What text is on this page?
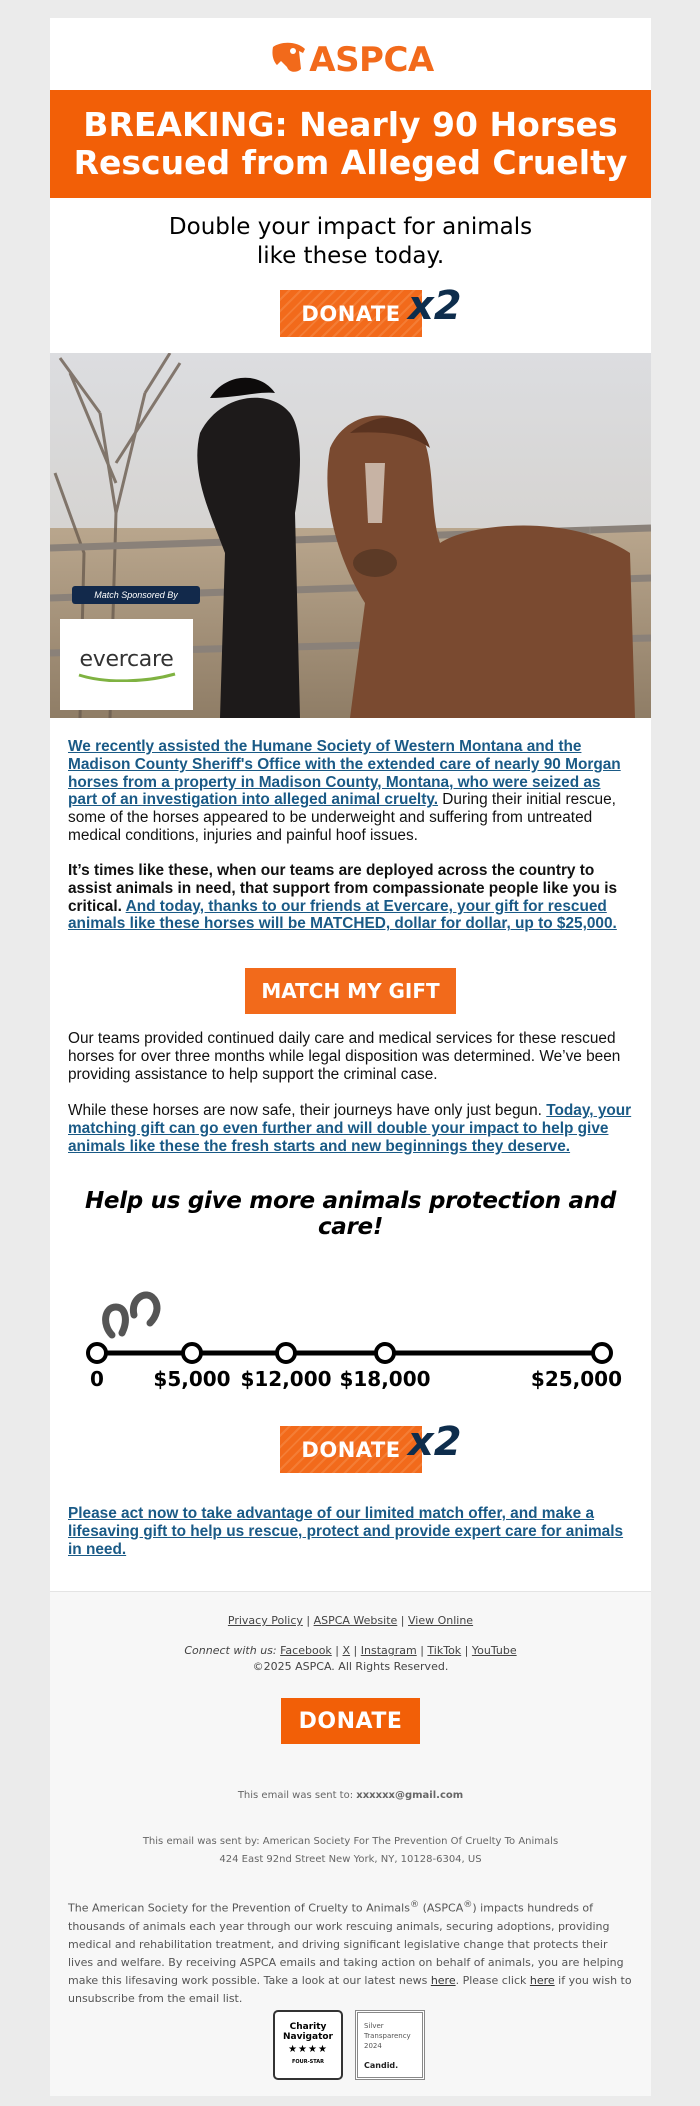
ASPCA
BREAKING: Nearly 90 Horses
Rescued from Alleged Cruelty
Double your impact for animals
like these today.
DONATE x2
Match Sponsored By
evercare
We recently assisted the Humane Society of Western Montana and the Madison County Sheriff's Office with the extended care of nearly 90 Morgan horses from a property in Madison County, Montana, who were seized as part of an investigation into alleged animal cruelty. During their initial rescue, some of the horses appeared to be underweight and suffering from untreated medical conditions, injuries and painful hoof issues.
It’s times like these, when our teams are deployed across the country to assist animals in need, that support from compassionate people like you is critical. And today, thanks to our friends at Evercare, your gift for rescued animals like these horses will be MATCHED, dollar for dollar, up to $25,000.
MATCH MY GIFT
Our teams provided continued daily care and medical services for these rescued horses for over three months while legal disposition was determined. We’ve been providing assistance to help support the criminal case.
While these horses are now safe, their journeys have only just begun. Today, your matching gift can go even further and will double your impact to help give animals like these the fresh starts and new beginnings they deserve.
Help us give more animals protection and care!
0 $5,000 $12,000 $18,000	$25,000
DONATE x2
Please act now to take advantage of our limited match offer, and make a lifesaving gift to help us rescue, protect and provide expert care for animals in need.
Privacy Policy | ASPCA Website | View Online
Connect with us: Facebook | X | Instagram | TikTok | YouTube
©2025 ASPCA. All Rights Reserved.
DONATE
This email was sent to: xxxxxx@gmail.com
This email was sent by: American Society For The Prevention Of Cruelty To Animals
424 East 92nd Street New York, NY, 10128-6304, US
The American Society for the Prevention of Cruelty to Animals® (ASPCA®) impacts hundreds of thousands of animals each year through our work rescuing animals, securing adoptions, providing medical and rehabilitation treatment, and driving significant legislative change that protects their lives and welfare. By receiving ASPCA emails and taking action on behalf of animals, you are helping make this lifesaving work possible. Take a look at our latest news here. Please click here if you wish to unsubscribe from the email list.
Charity
Navigator
★★★★
FOUR-STAR
Silver
Transparency
2024
Candid.
